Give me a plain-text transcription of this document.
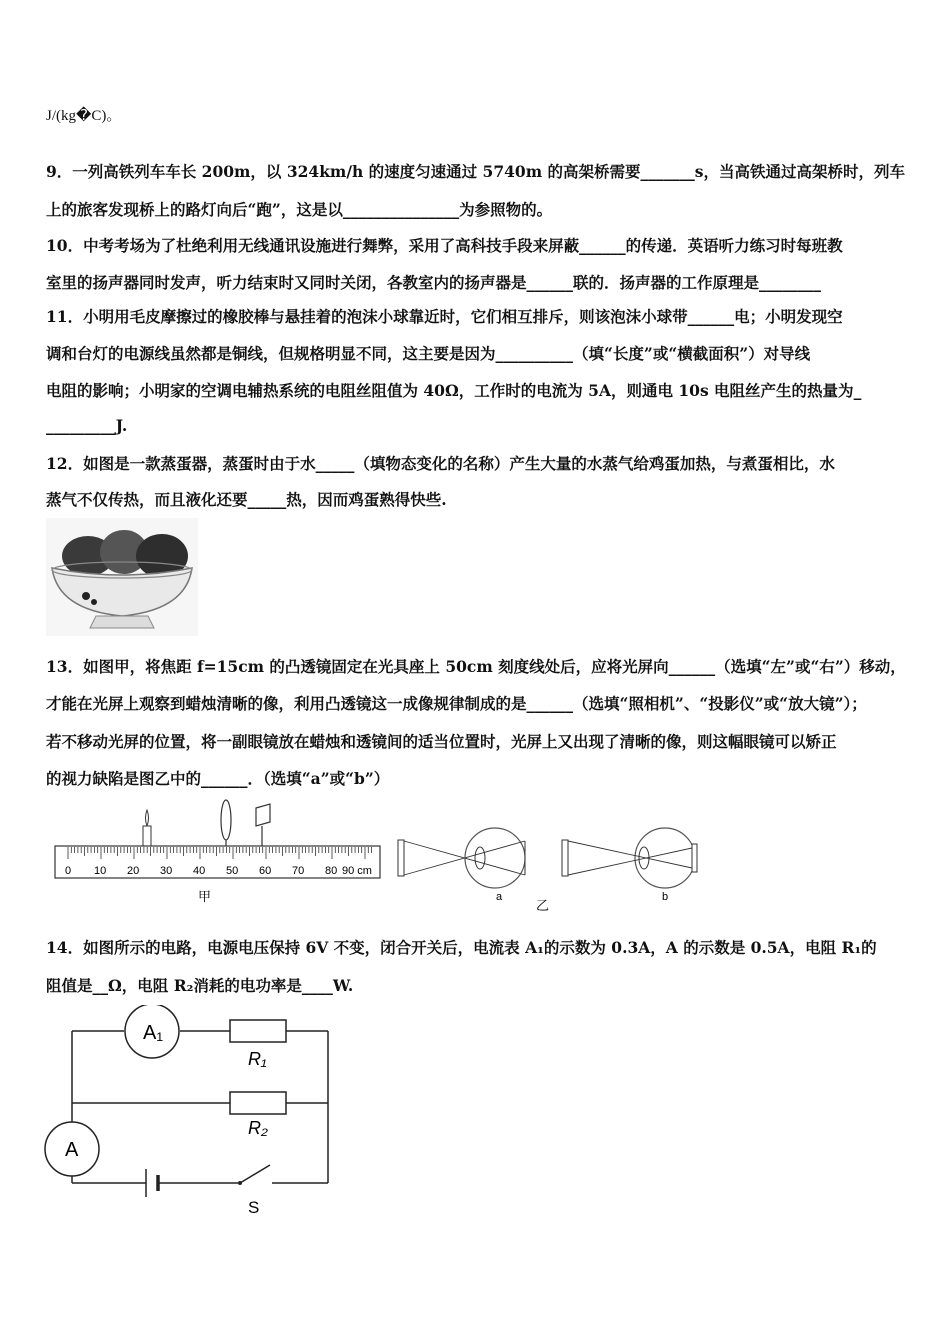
J/(kg�C)。
9．一列高铁列车车长 200m，以 324km/h 的速度匀速通过 5740m 的高架桥需要_______s，当高铁通过高架桥时，列车
上的旅客发现桥上的路灯向后“跑”，这是以_______________为参照物的。
10．中考考场为了杜绝利用无线通讯设施进行舞弊，采用了高科技手段来屏蔽______的传递．英语听力练习时每班教
室里的扬声器同时发声，听力结束时又同时关闭，各教室内的扬声器是______联的．扬声器的工作原理是________
11．小明用毛皮摩擦过的橡胶棒与悬挂着的泡沫小球靠近时，它们相互排斥，则该泡沫小球带______电；小明发现空
调和台灯的电源线虽然都是铜线，但规格明显不同，这主要是因为__________（填“长度”或“横截面积”）对导线
电阻的影响；小明家的空调电辅热系统的电阻丝阻值为 40Ω，工作时的电流为 5A，则通电 10s 电阻丝产生的热量为_
_________J.
12．如图是一款蒸蛋器，蒸蛋时由于水_____（填物态变化的名称）产生大量的水蒸气给鸡蛋加热，与煮蛋相比，水
蒸气不仅传热，而且液化还要_____热，因而鸡蛋熟得快些.
13．如图甲，将焦距 f=15cm 的凸透镜固定在光具座上 50cm 刻度线处后，应将光屏向______（选填“左”或“右”）移动，
才能在光屏上观察到蜡烛清晰的像，利用凸透镜这一成像规律制成的是______（选填“照相机”、“投影仪”或“放大镜”）；
若不移动光屏的位置，将一副眼镜放在蜡烛和透镜间的适当位置时，光屏上又出现了清晰的像，则这幅眼镜可以矫正
的视力缺陷是图乙中的______．（选填“a”或“b”）
0 10 20 30 40 50 60 70 80 90 cm
甲	a
乙
b
14．如图所示的电路，电源电压保持 6V 不变，闭合开关后，电流表 A₁的示数为 0.3A，A 的示数是 0.5A，电阻 R₁的
阻值是__Ω，电阻 R₂消耗的电功率是____W.
A₁
R₁
R₂
A
S
